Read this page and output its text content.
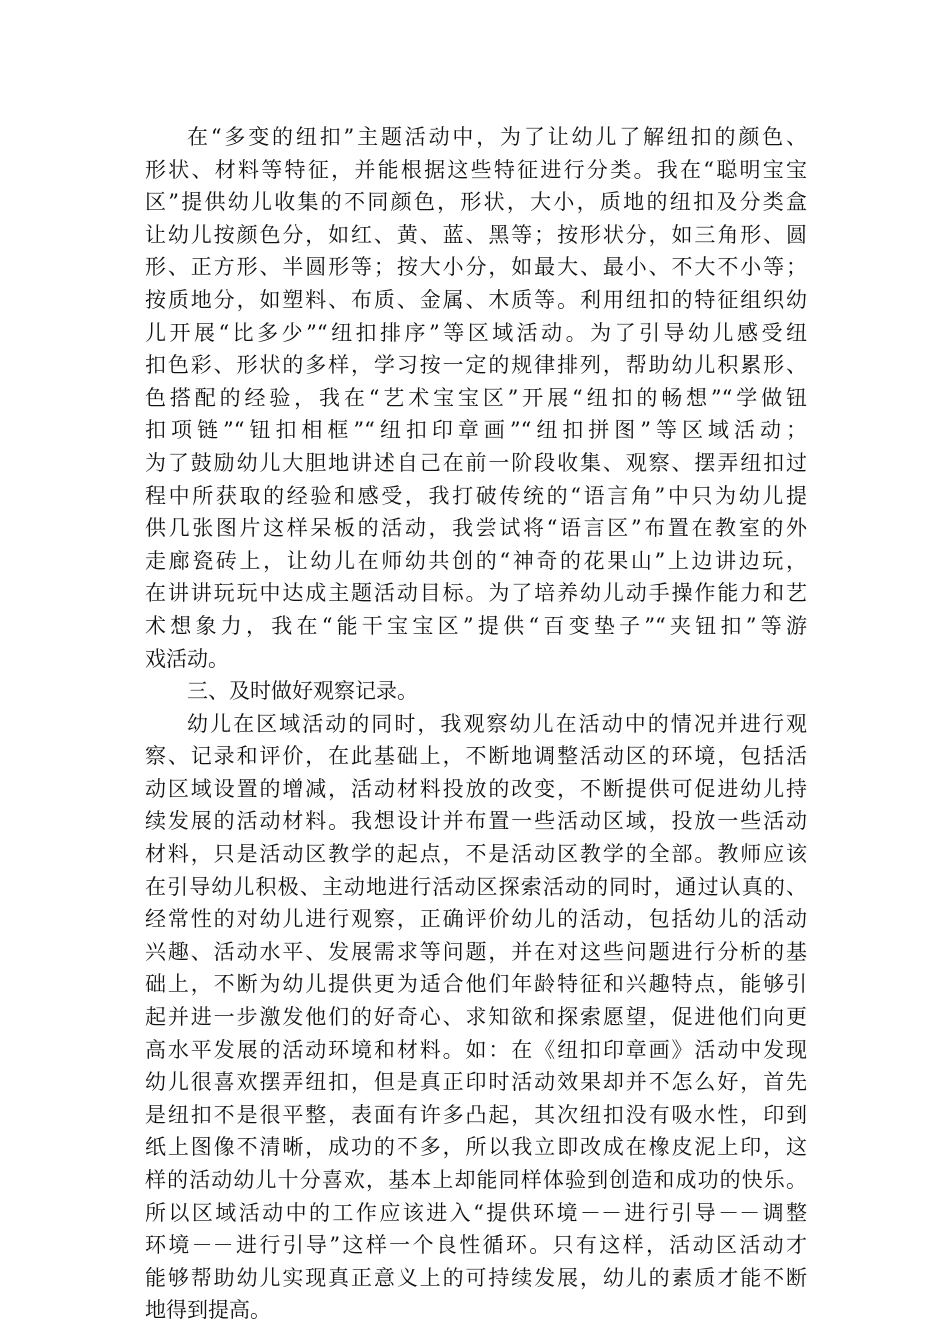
在“多变的纽扣”主题活动中，为了让幼儿了解纽扣的颜色、
形状、材料等特征，并能根据这些特征进行分类。我在“聪明宝宝
区”提供幼儿收集的不同颜色，形状，大小，质地的纽扣及分类盒
让幼儿按颜色分，如红、黄、蓝、黑等；按形状分，如三角形、圆
形、正方形、半圆形等；按大小分，如最大、最小、不大不小等；
按质地分，如塑料、布质、金属、木质等。利用纽扣的特征组织幼
儿开展“比多少”“纽扣排序”等区域活动。为了引导幼儿感受纽
扣色彩、形状的多样，学习按一定的规律排列，帮助幼儿积累形、
色搭配的经验，我在“艺术宝宝区”开展“纽扣的畅想”“学做钮
扣项链”“钮扣相框”“纽扣印章画”“纽扣拼图”等区域活动；
为了鼓励幼儿大胆地讲述自己在前一阶段收集、观察、摆弄纽扣过
程中所获取的经验和感受，我打破传统的“语言角”中只为幼儿提
供几张图片这样呆板的活动，我尝试将“语言区”布置在教室的外
走廊瓷砖上，让幼儿在师幼共创的“神奇的花果山”上边讲边玩，
在讲讲玩玩中达成主题活动目标。为了培养幼儿动手操作能力和艺
术想象力，我在“能干宝宝区”提供“百变垫子”“夹钮扣”等游
戏活动。
三、及时做好观察记录。
幼儿在区域活动的同时，我观察幼儿在活动中的情况并进行观
察、记录和评价，在此基础上，不断地调整活动区的环境，包括活
动区域设置的增减，活动材料投放的改变，不断提供可促进幼儿持
续发展的活动材料。我想设计并布置一些活动区域，投放一些活动
材料，只是活动区教学的起点，不是活动区教学的全部。教师应该
在引导幼儿积极、主动地进行活动区探索活动的同时，通过认真的、
经常性的对幼儿进行观察，正确评价幼儿的活动，包括幼儿的活动
兴趣、活动水平、发展需求等问题，并在对这些问题进行分析的基
础上，不断为幼儿提供更为适合他们年龄特征和兴趣特点，能够引
起并进一步激发他们的好奇心、求知欲和探索愿望，促进他们向更
高水平发展的活动环境和材料。如：在《纽扣印章画》活动中发现
幼儿很喜欢摆弄纽扣，但是真正印时活动效果却并不怎么好，首先
是纽扣不是很平整，表面有许多凸起，其次纽扣没有吸水性，印到
纸上图像不清晰，成功的不多，所以我立即改成在橡皮泥上印，这
样的活动幼儿十分喜欢，基本上却能同样体验到创造和成功的快乐。
所以区域活动中的工作应该进入“提供环境－－进行引导－－调整
环境－－进行引导”这样一个良性循环。只有这样，活动区活动才
能够帮助幼儿实现真正意义上的可持续发展，幼儿的素质才能不断
地得到提高。
